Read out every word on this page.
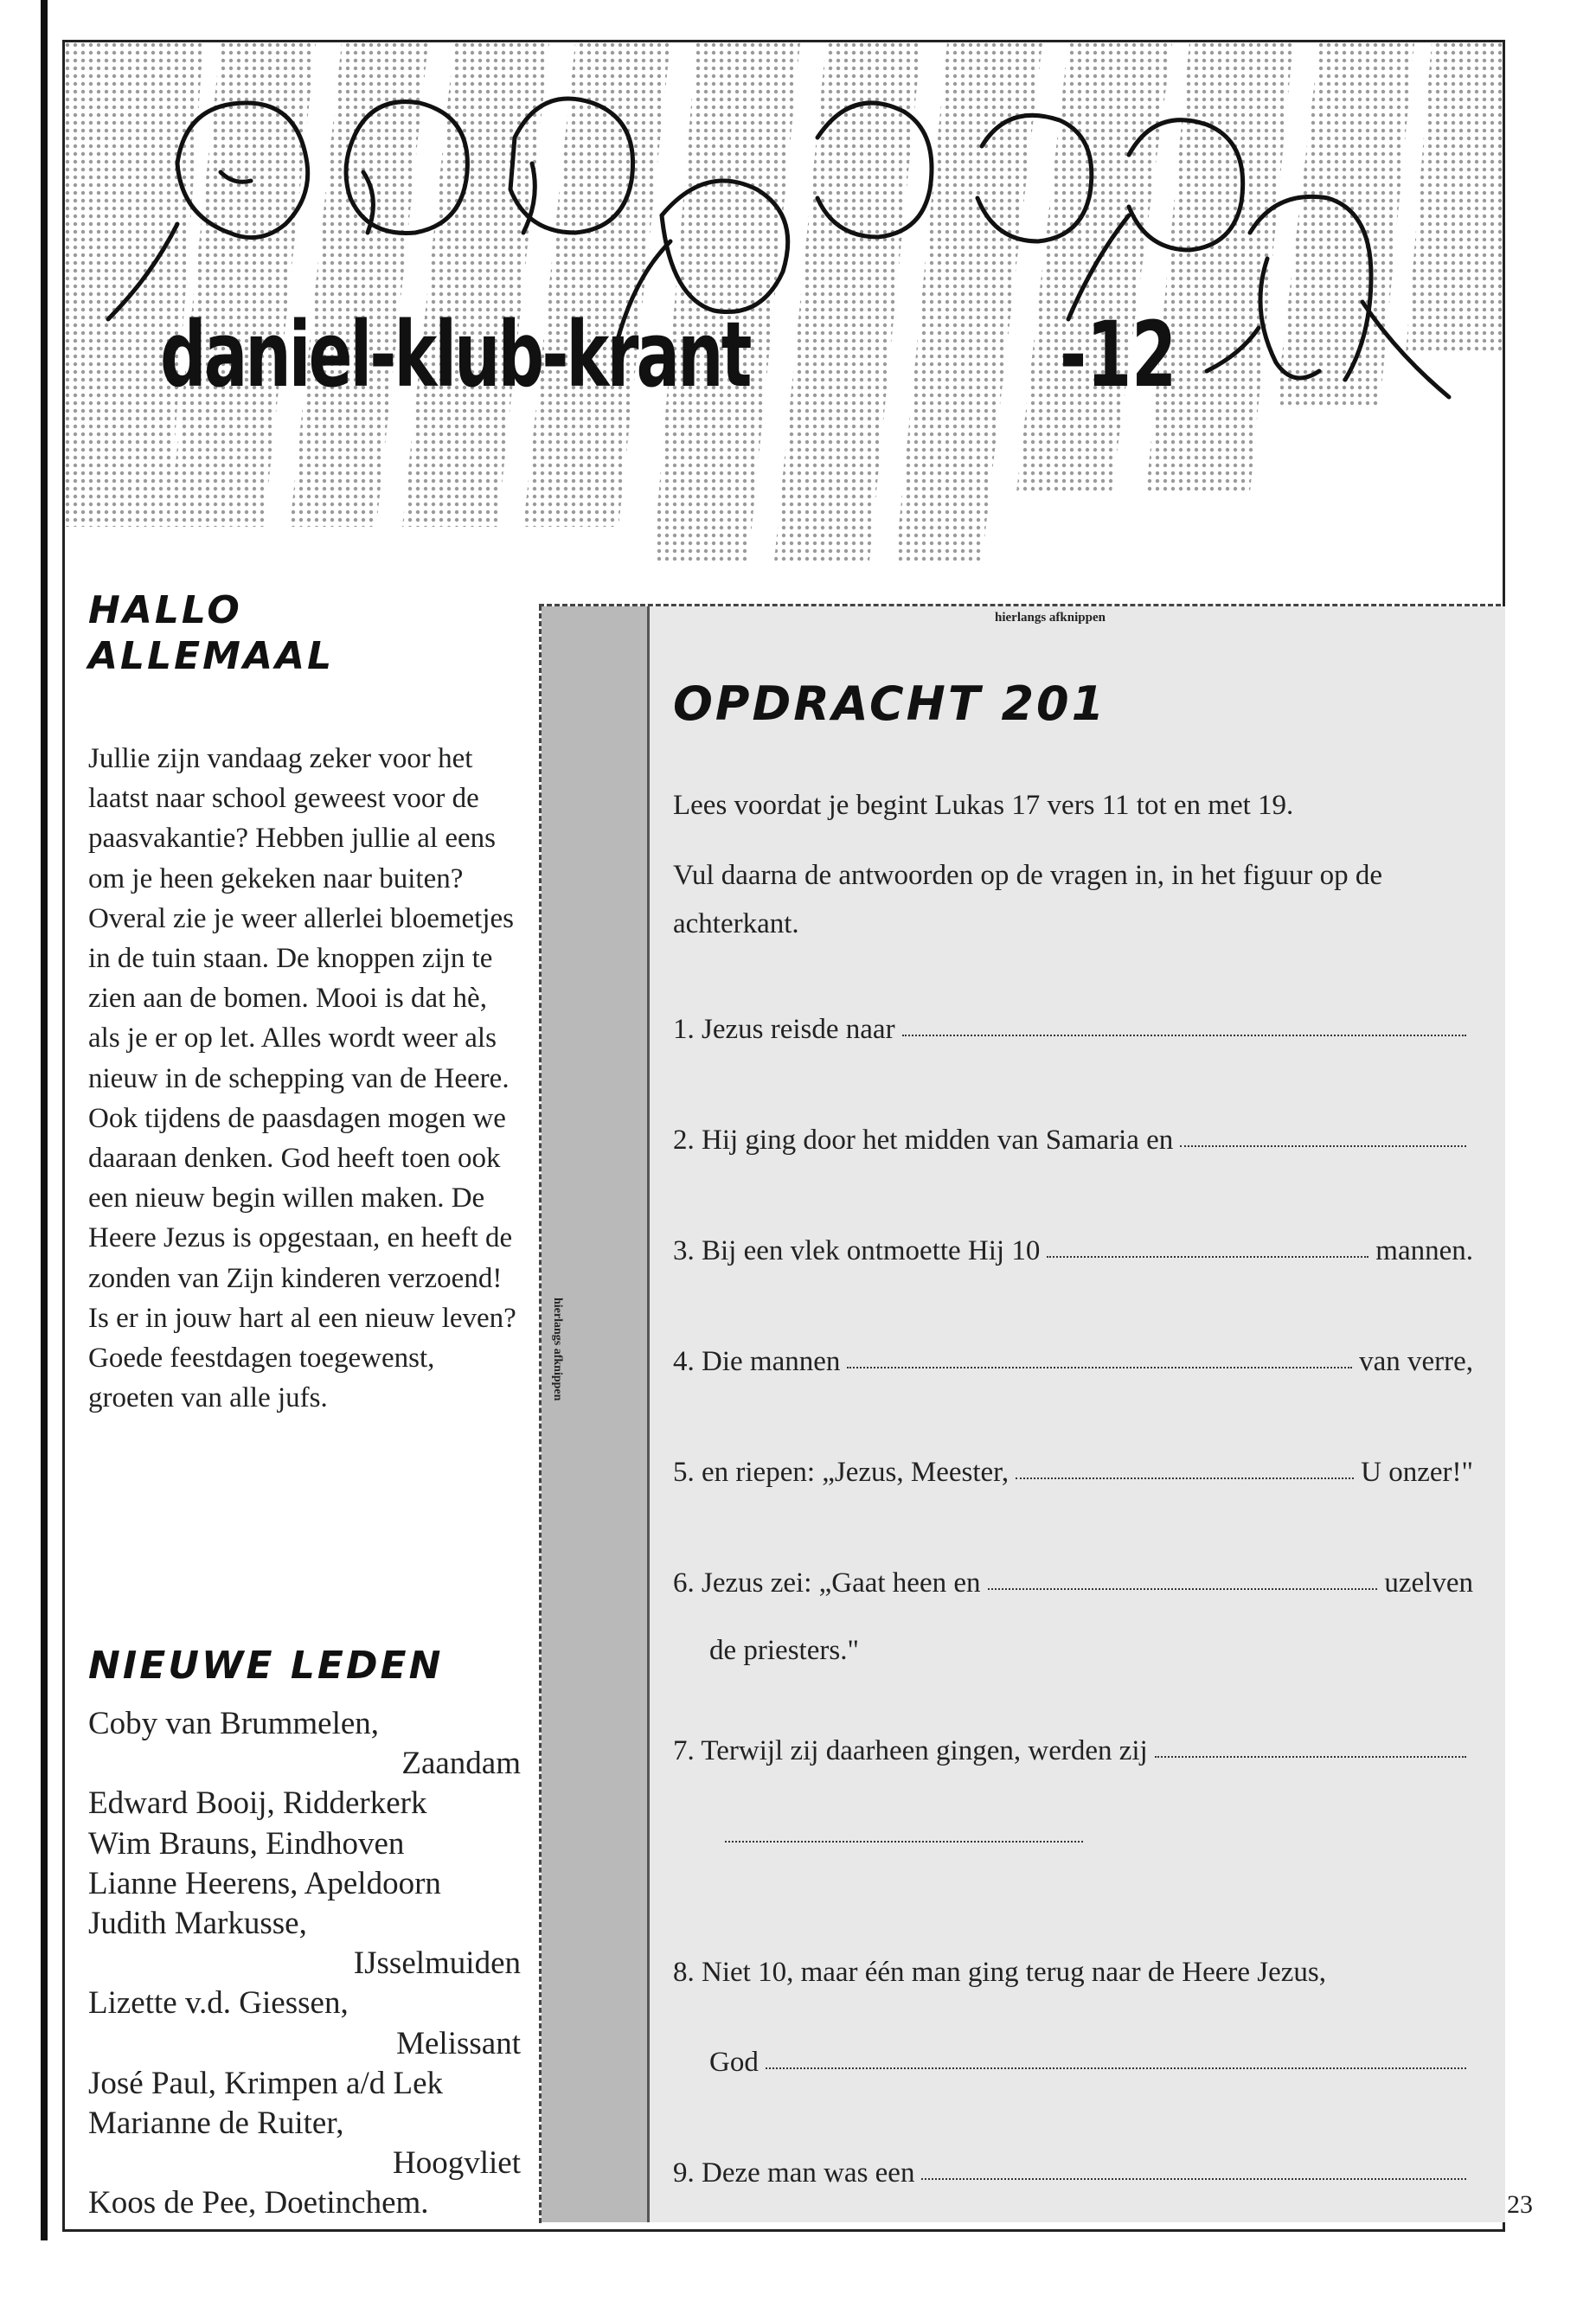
daniel-klub-krant	-12
HALLO
ALLEMAAL

Jullie zijn vandaag zeker voor het laatst naar school geweest voor de paasvakantie? Hebben jullie al eens om je heen gekeken naar buiten? Overal zie je weer allerlei bloemetjes in de tuin staan. De knoppen zijn te zien aan de bomen. Mooi is dat hè, als je er op let. Alles wordt weer als nieuw in de schepping van de Heere. Ook tijdens de paasdagen mogen we daaraan denken. God heeft toen ook een nieuw begin willen maken. De Heere Jezus is opgestaan, en heeft de zonden van Zijn kinderen verzoend! Is er in jouw hart al een nieuw leven? Goede feestdagen toegewenst, groeten van alle jufs.

NIEUWE LEDEN
Coby van Brummelen,
Zaandam
Edward Booij, Ridderkerk
Wim Brauns, Eindhoven
Lianne Heerens, Apeldoorn
Judith Markusse,
IJsselmuiden
Lizette v.d. Giessen,
Melissant
José Paul, Krimpen a/d Lek
Marianne de Ruiter,
Hoogvliet
Koos de Pee, Doetinchem.
hierlangs afknippen
hierlangs afknippen
OPDRACHT 201

Lees voordat je begint Lukas 17 vers 11 tot en met 19.

Vul daarna de antwoorden op de vragen in, in het figuur op de achterkant.

1. Jezus reisde naar
2. Hij ging door het midden van Samaria en
3. Bij een vlek ontmoette Hij 10	mannen.
4. Die mannen	van verre,
5. en riepen: „Jezus, Meester,	U onzer!"
6. Jezus zei: „Gaat heen en	uzelven
de priesters."
7. Terwijl zij daarheen gingen, werden zij
8. Niet 10, maar één man ging terug naar de Heere Jezus,
God
9. Deze man was een
23
